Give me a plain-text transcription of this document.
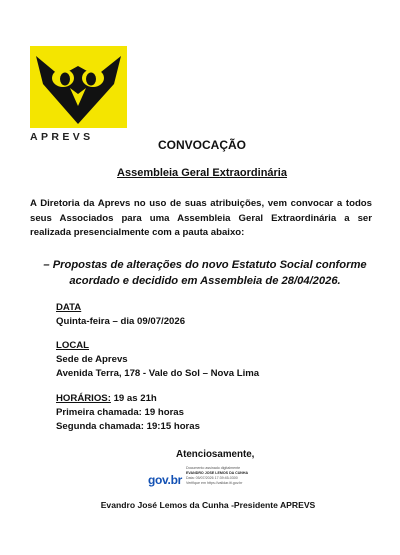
APREVS
CONVOCAÇÃO
Assembleia Geral Extraordinária
A Diretoria da Aprevs no uso de suas atribuições, vem convocar a todos seus Associados para uma Assembleia Geral Extraordinária a ser realizada presencialmente com a pauta abaixo:
– Propostas de alterações do novo Estatuto Social conforme
acordado e decidido em Assembleia de 28/04/2026.
DATA
Quinta-feira – dia 09/07/2026
LOCAL
Sede de Aprevs
Avenida Terra, 178 - Vale do Sol – Nova Lima
HORÁRIOS: 19 as 21h
Primeira chamada: 19 horas
Segunda chamada: 19:15 horas
Atenciosamente,
gov.br
Documento assinado digitalmente
EVANDRO JOSE LEMOS DA CUNHA
Data: 05/07/2026 17:39:45-0300
Verifique em https://validar.iti.gov.br
Evandro José Lemos da Cunha -Presidente APREVS
